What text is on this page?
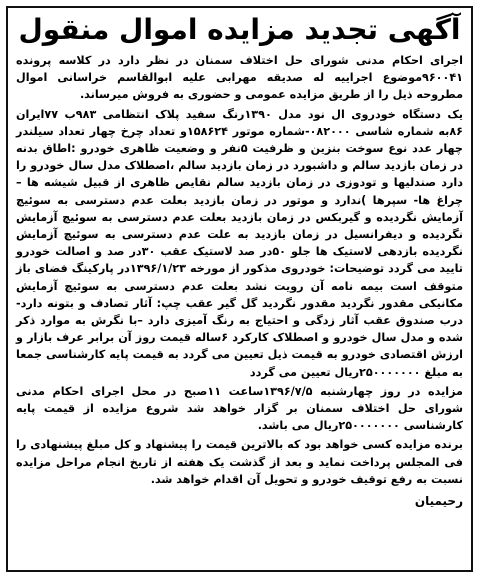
آگهی تجدید مزایده اموال منقول

اجرای احکام مدنی شورای حل اختلاف سمنان در نظر دارد در کلاسه پرونده ۹۶۰۰۴۱موضوع اجراییه له صدیقه مهرابی علیه ابوالقاسم خراسانی اموال مطروحه ذیل را از طریق مزایده عمومی و حضوری به فروش میرساند.

یک دستگاه خودروی ال نود مدل ۱۳۹۰رنگ سفید پلاک انتظامی ۹۸۳ب ۷۷ایران ۸۶به شماره شاسی ۰۸۲۰۰۰-شماره موتور ۱۵۸۶۲۴و تعداد چرخ چهار تعداد سیلندر چهار عدد نوع سوخت بنزین و ظرفیت ۵نفر و وضعیت ظاهری خودرو :اطاق بدنه در زمان بازدید سالم و داشبورد در زمان بازدید سالم ،اصطلاک مدل سال خودرو را دارد صندلیها و تودوزی در زمان بازدید سالم نقایص ظاهری از قبیل شیشه ها – چراغ ها- سپرها )ندارد و موتور در زمان بازدید بعلت عدم دسترسی به سوئیچ آزمایش نگردیده و گیربکس در زمان بازدید بعلت عدم دسترسی به سوئیچ آزمایش نگردیده و دیفرانسیل در زمان بازدید به علت عدم دسترسی به سوئیچ آزمایش نگردیده بازدهی لاستیک ها جلو ۵۰در صد لاستیک عقب ۳۰در صد و اصالت خودرو تایید می گردد توضیحات: خودروی مذکور از مورخه ۱۳۹۶/۱/۲۳در پارکینگ فضای باز متوقف است بیمه نامه آن رویت نشد بعلت عدم دسترسی به سوئیچ آزمایش مکانیکی مقدور نگردید مقدور نگردید گل گیر عقب چپ: آثار تصادف و بتونه دارد- درب صندوق عقب آثار زدگی و احتیاج به رنگ آمیزی دارد –با نگرش به موارد ذکر شده و مدل سال خودرو و اصطلاک کارکرد ۶ساله قیمت روز آن برابر عرف بازار و ارزش اقتصادی خودرو به قیمت ذیل تعیین می گردد به قیمت پایه کارشناسی جمعا به مبلغ ۲۵۰۰۰۰۰۰۰ریال تعیین می گردد

مزایده در روز چهارشنبه ۱۳۹۶/۷/۵ساعت ۱۱صبح در محل اجرای احکام مدنی شورای حل اختلاف سمنان بر گزار خواهد شد شروع مزایده از قیمت پایه کارشناسی ۲۵۰۰۰۰۰۰۰ریال می باشد.

برنده مزایده کسی خواهد بود که بالاترین قیمت را پیشنهاد و کل مبلغ پیشنهادی را فی المجلس پرداخت نماید و بعد از گذشت یک هفته از تاریخ انجام مراحل مزایده نسبت به رفع توقیف خودرو و تحویل آن اقدام خواهد شد.

رحیمیان
